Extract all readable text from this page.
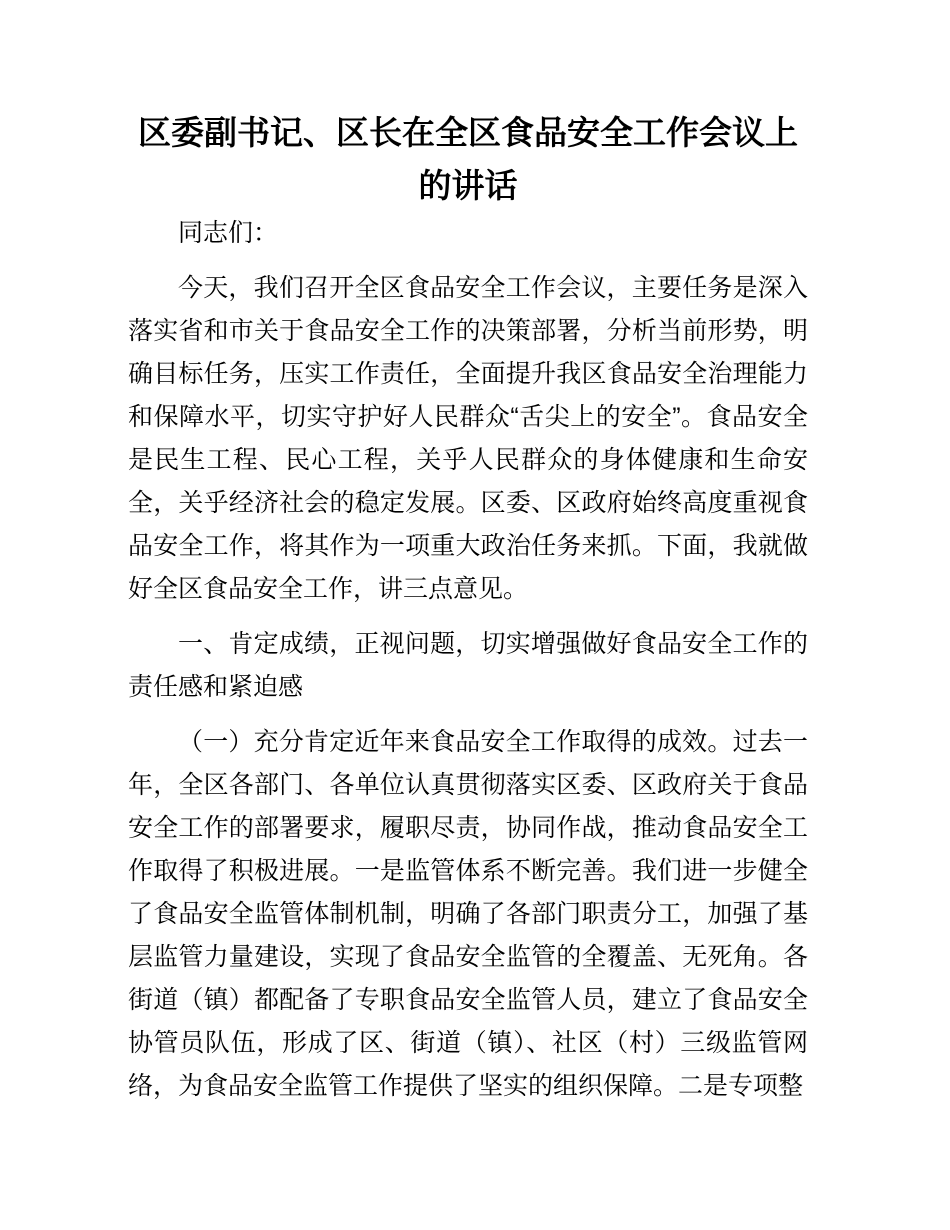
区委副书记、区长在全区食品安全工作会议上的讲话

同志们：

今天，我们召开全区食品安全工作会议，主要任务是深入落实省和市关于食品安全工作的决策部署，分析当前形势，明确目标任务，压实工作责任，全面提升我区食品安全治理能力和保障水平，切实守护好人民群众“舌尖上的安全”。食品安全是民生工程、民心工程，关乎人民群众的身体健康和生命安全，关乎经济社会的稳定发展。区委、区政府始终高度重视食品安全工作，将其作为一项重大政治任务来抓。下面，我就做好全区食品安全工作，讲三点意见。

一、肯定成绩，正视问题，切实增强做好食品安全工作的责任感和紧迫感

（一）充分肯定近年来食品安全工作取得的成效。过去一年，全区各部门、各单位认真贯彻落实区委、区政府关于食品安全工作的部署要求，履职尽责，协同作战，推动食品安全工作取得了积极进展。一是监管体系不断完善。我们进一步健全了食品安全监管体制机制，明确了各部门职责分工，加强了基层监管力量建设，实现了食品安全监管的全覆盖、无死角。各街道（镇）都配备了专职食品安全监管人员，建立了食品安全协管员队伍，形成了区、街道（镇）、社区（村）三级监管网络，为食品安全监管工作提供了坚实的组织保障。二是专项整
